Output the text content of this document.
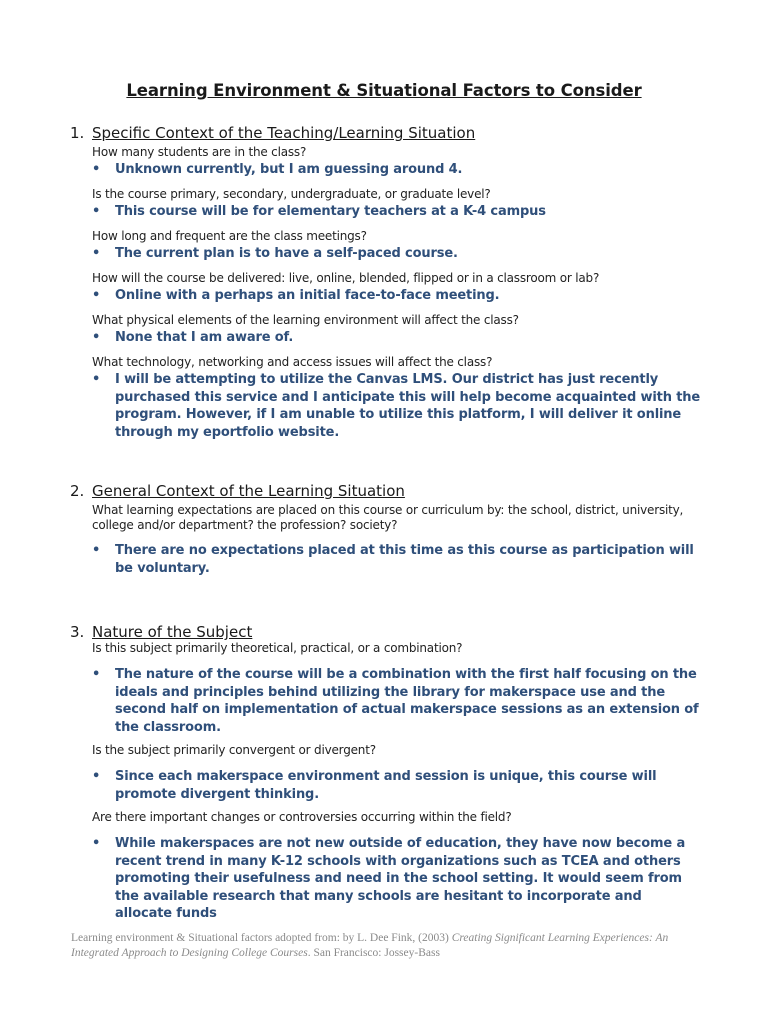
Learning Environment & Situational Factors to Consider
1. Specific Context of the Teaching/Learning Situation
How many students are in the class?
• Unknown currently, but I am guessing around 4.
Is the course primary, secondary, undergraduate, or graduate level?
• This course will be for elementary teachers at a K-4 campus
How long and frequent are the class meetings?
• The current plan is to have a self-paced course.
How will the course be delivered: live, online, blended, flipped or in a classroom or lab?
• Online with a perhaps an initial face-to-face meeting.
What physical elements of the learning environment will affect the class?
• None that I am aware of.
What technology, networking and access issues will affect the class?
• I will be attempting to utilize the Canvas LMS. Our district has just recently purchased this service and I anticipate this will help become acquainted with the program. However, if I am unable to utilize this platform, I will deliver it online through my eportfolio website.
2. General Context of the Learning Situation
What learning expectations are placed on this course or curriculum by: the school, district, university, college and/or department? the profession? society?
• There are no expectations placed at this time as this course as participation will be voluntary.
3. Nature of the Subject
Is this subject primarily theoretical, practical, or a combination?
• The nature of the course will be a combination with the first half focusing on the ideals and principles behind utilizing the library for makerspace use and the second half on implementation of actual makerspace sessions as an extension of the classroom.
Is the subject primarily convergent or divergent?
• Since each makerspace environment and session is unique, this course will promote divergent thinking.
Are there important changes or controversies occurring within the field?
• While makerspaces are not new outside of education, they have now become a recent trend in many K-12 schools with organizations such as TCEA and others promoting their usefulness and need in the school setting. It would seem from the available research that many schools are hesitant to incorporate and allocate funds
Learning environment & Situational factors adopted from: by L. Dee Fink, (2003) Creating Significant Learning Experiences: An Integrated Approach to Designing College Courses. San Francisco: Jossey-Bass
